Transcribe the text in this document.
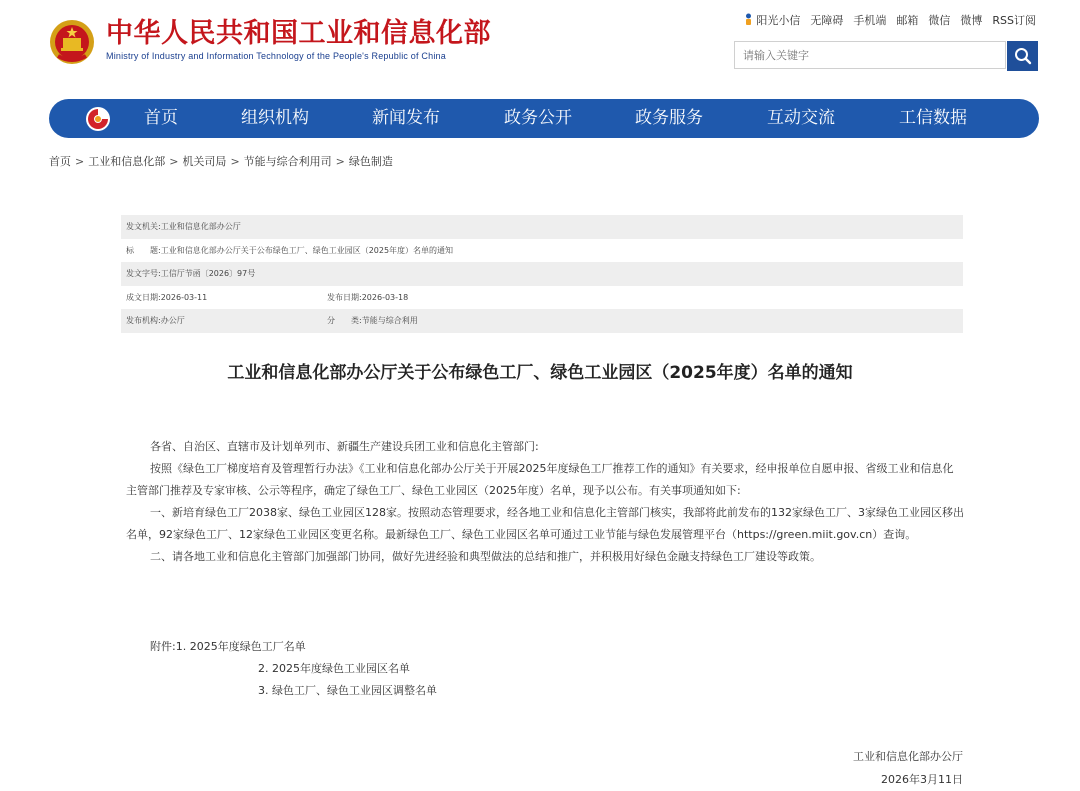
中华人民共和国工业和信息化部
Ministry of Industry and Information Technology of the People's Republic of China
阳光小信 无障碍 手机端 邮箱 微信 微博 RSS订阅
请输入关键字
首页	组织机构	新闻发布	政务公开	政务服务	互动交流	工信数据
首页 > 工业和信息化部 > 机关司局 > 节能与综合利用司 > 绿色制造
发文机关:工业和信息化部办公厅
标　　题:工业和信息化部办公厅关于公布绿色工厂、绿色工业园区（2025年度）名单的通知
发文字号:工信厅节函〔2026〕97号
成文日期:2026-03-11	发布日期:2026-03-18
发布机构:办公厅	分　　类:节能与综合利用
工业和信息化部办公厅关于公布绿色工厂、绿色工业园区（2025年度）名单的通知

各省、自治区、直辖市及计划单列市、新疆生产建设兵团工业和信息化主管部门:

按照《绿色工厂梯度培育及管理暂行办法》《工业和信息化部办公厅关于开展2025年度绿色工厂推荐工作的通知》有关要求，经申报单位自愿申报、省级工业和信息化主管部门推荐及专家审核、公示等程序，确定了绿色工厂、绿色工业园区（2025年度）名单，现予以公布。有关事项通知如下:

一、新培育绿色工厂2038家、绿色工业园区128家。按照动态管理要求，经各地工业和信息化主管部门核实，我部将此前发布的132家绿色工厂、3家绿色工业园区移出名单，92家绿色工厂、12家绿色工业园区变更名称。最新绿色工厂、绿色工业园区名单可通过工业节能与绿色发展管理平台（https://green.miit.gov.cn）查询。

二、请各地工业和信息化主管部门加强部门协同，做好先进经验和典型做法的总结和推广，并积极用好绿色金融支持绿色工厂建设等政策。

附件:1. 2025年度绿色工厂名单
2. 2025年度绿色工业园区名单
3. 绿色工厂、绿色工业园区调整名单
工业和信息化部办公厅
2026年3月11日
